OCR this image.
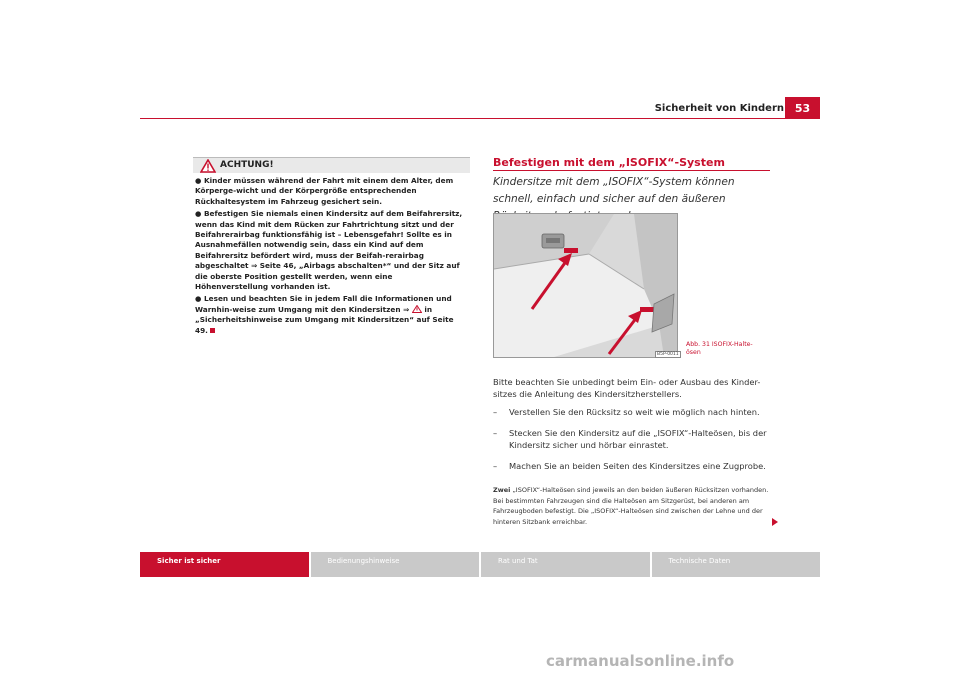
Sicherheit von Kindern 53
ACHTUNG!
● Kinder müssen während der Fahrt mit einem dem Alter, dem Körperge-wicht und der Körpergröße entsprechenden Rückhaltesystem im Fahrzeug gesichert sein.
● Befestigen Sie niemals einen Kindersitz auf dem Beifahrersitz, wenn das Kind mit dem Rücken zur Fahrtrichtung sitzt und der Beifahrerairbag funktionsfähig ist – Lebensgefahr! Sollte es in Ausnahmefällen notwendig sein, dass ein Kind auf dem Beifahrersitz befördert wird, muss der Beifah-rerairbag abgeschaltet ⇒ Seite 46, „Airbags abschalten*“ und der Sitz auf die oberste Position gestellt werden, wenn eine Höhenverstellung vorhanden ist.
● Lesen und beachten Sie in jedem Fall die Informationen und Warnhin-weise zum Umgang mit den Kindersitzen ⇒ in „Sicherheitshinweise zum Umgang mit Kindersitzen“ auf Seite 49.
Befestigen mit dem „ISOFIX“-System
Kindersitze mit dem „ISOFIX“-System können schnell, einfach und sicher auf den äußeren
B5P-0011
Abb. 31 ISOFIX-Halte-
ösen
Bitte beachten Sie unbedingt beim Ein- oder Ausbau des Kinder-sitzes die Anleitung des Kindersitzherstellers.
– Verstellen Sie den Rücksitz so weit wie möglich nach hinten.
– Stecken Sie den Kindersitz auf die „ISOFIX“-Halteösen, bis der
Kindersitz sicher und hörbar einrastet.
– Machen Sie an beiden Seiten des Kindersitzes eine Zugprobe.
Zwei „ISOFIX“-Halteösen sind jeweils an den beiden äußeren Rücksitzen vorhanden. Bei bestimmten Fahrzeugen sind die Halteösen am Sitzgerüst, bei anderen am Fahrzeugboden befestigt. Die „ISOFIX“-Halteösen sind zwischen der Lehne und der hinteren Sitzbank erreichbar.
Sicher ist sicher	Bedienungshinweise	Rat und Tat	Technische Daten
carmanualsonline.info
